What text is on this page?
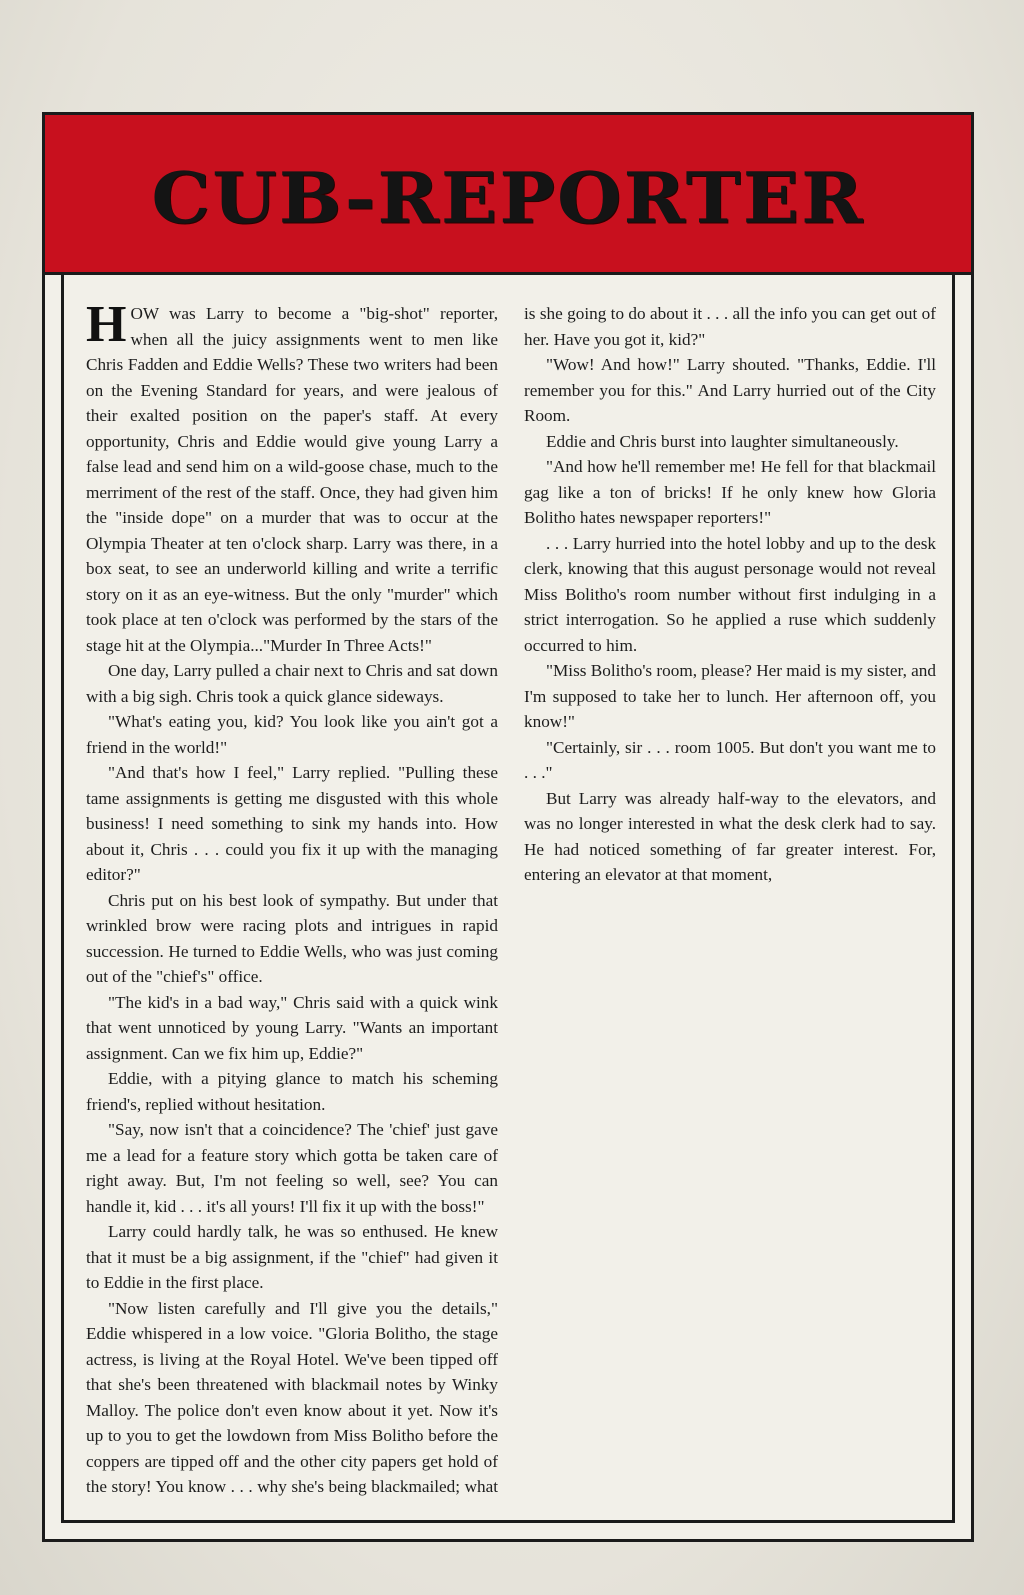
CUB-REPORTER

HOW was Larry to become a "big-shot" reporter, when all the juicy assignments went to men like Chris Fadden and Eddie Wells? These two writers had been on the Evening Standard for years, and were jealous of their exalted position on the paper's staff. At every opportunity, Chris and Eddie would give young Larry a false lead and send him on a wild-goose chase, much to the merriment of the rest of the staff. Once, they had given him the "inside dope" on a murder that was to occur at the Olympia Theater at ten o'clock sharp. Larry was there, in a box seat, to see an underworld killing and write a terrific story on it as an eye-witness. But the only "murder" which took place at ten o'clock was performed by the stars of the stage hit at the Olympia..."Murder In Three Acts!"

One day, Larry pulled a chair next to Chris and sat down with a big sigh. Chris took a quick glance sideways.

"What's eating you, kid? You look like you ain't got a friend in the world!"

"And that's how I feel," Larry replied. "Pulling these tame assignments is getting me disgusted with this whole business! I need something to sink my hands into. How about it, Chris . . . could you fix it up with the managing editor?"

Chris put on his best look of sympathy. But under that wrinkled brow were racing plots and intrigues in rapid succession. He turned to Eddie Wells, who was just coming out of the "chief's" office.

"The kid's in a bad way," Chris said with a quick wink that went unnoticed by young Larry. "Wants an important assignment. Can we fix him up, Eddie?"

Eddie, with a pitying glance to match his scheming friend's, replied without hesitation.

"Say, now isn't that a coincidence? The 'chief' just gave me a lead for a feature story which gotta be taken care of right away. But, I'm not feeling so well, see? You can handle it, kid . . . it's all yours! I'll fix it up with the boss!"

Larry could hardly talk, he was so enthused. He knew that it must be a big assignment, if the "chief" had given it to Eddie in the first place.

"Now listen carefully and I'll give you the details," Eddie whispered in a low voice. "Gloria Bolitho, the stage actress, is living at the Royal Hotel. We've been tipped off that she's been threatened with blackmail notes by Winky Malloy. The police don't even know about it yet. Now it's up to you to get the lowdown from Miss Bolitho before the coppers are tipped off and the other city papers get hold of the story! You know . . . why she's being blackmailed; what is she going to do about it . . . all the info you can get out of her. Have you got it, kid?"

"Wow! And how!" Larry shouted. "Thanks, Eddie. I'll remember you for this." And Larry hurried out of the City Room.

Eddie and Chris burst into laughter simultaneously.

"And how he'll remember me! He fell for that blackmail gag like a ton of bricks! If he only knew how Gloria Bolitho hates newspaper reporters!"

. . . Larry hurried into the hotel lobby and up to the desk clerk, knowing that this august personage would not reveal Miss Bolitho's room number without first indulging in a strict interrogation. So he applied a ruse which suddenly occurred to him.

"Miss Bolitho's room, please? Her maid is my sister, and I'm supposed to take her to lunch. Her afternoon off, you know!"

"Certainly, sir . . . room 1005. But don't you want me to . . ."

But Larry was already half-way to the elevators, and was no longer interested in what the desk clerk had to say. He had noticed something of far greater interest. For, entering an elevator at that moment,
